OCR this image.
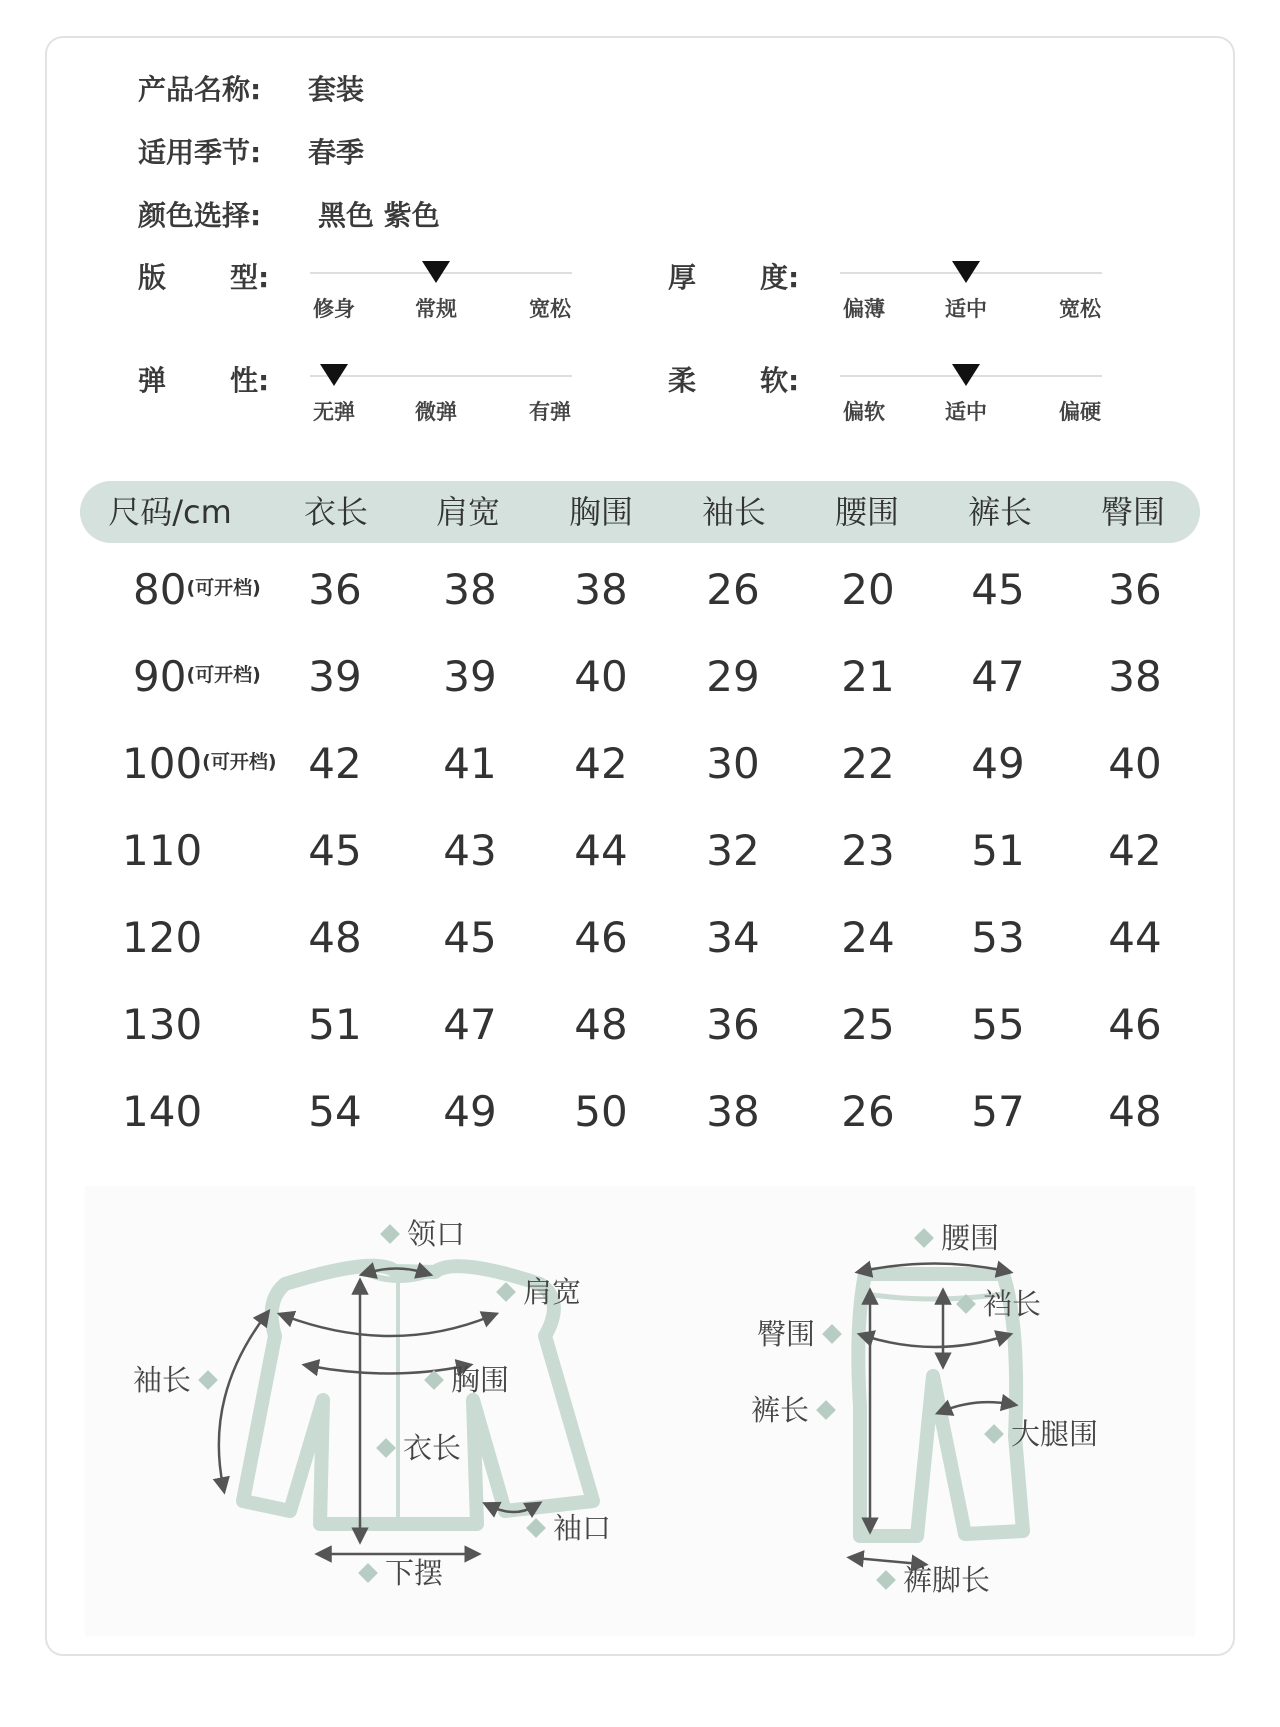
产品名称: 套装
适用季节: 春季
颜色选择: 黑色 紫色
版 型:
修身	常规	宽松
厚 度:
偏薄	适中	宽松
弹 性:
无弹	微弹	有弹
柔 软:
偏软	适中	偏硬
尺码/cm 衣长 肩宽 胸围 袖长 腰围 裤长 臀围
80(可开档) 36 38 38 26 20 45 36
90(可开档) 39 39 40 29 21 47 38
100(可开档) 42 41 42 30 22 49 40
110	45 43 44 32 23 51 42
120	48 45 46 34 24 53 44
130	51 47 48 36 25 55 46
140	54 49 50 38 26 57 48
领口
肩宽
袖长	胸围
衣长
袖口
下摆
腰围
裆长
臀围
裤长
大腿围
裤脚长
